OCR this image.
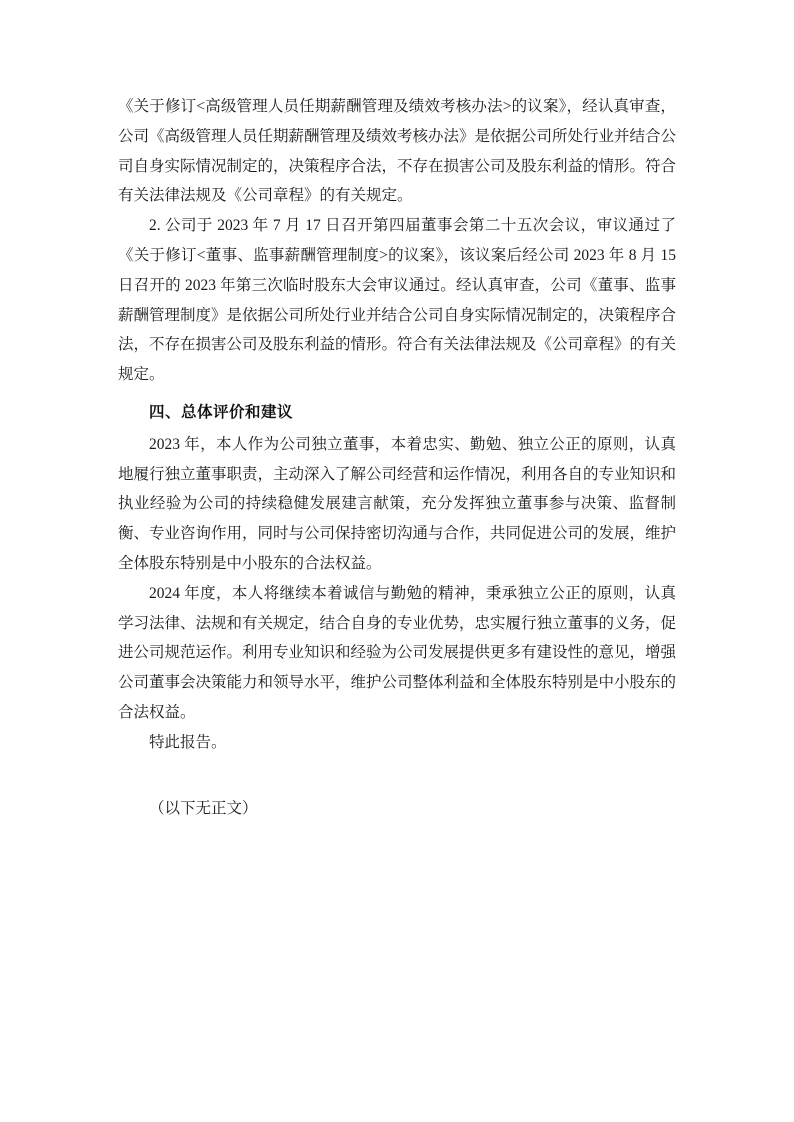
《关于修订<高级管理人员任期薪酬管理及绩效考核办法>的议案》，经认真审查，公司《高级管理人员任期薪酬管理及绩效考核办法》是依据公司所处行业并结合公司自身实际情况制定的，决策程序合法，不存在损害公司及股东利益的情形。符合有关法律法规及《公司章程》的有关规定。

2. 公司于 2023 年 7 月 17 日召开第四届董事会第二十五次会议，审议通过了《关于修订<董事、监事薪酬管理制度>的议案》，该议案后经公司 2023 年 8 月 15 日召开的 2023 年第三次临时股东大会审议通过。经认真审查，公司《董事、监事薪酬管理制度》是依据公司所处行业并结合公司自身实际情况制定的，决策程序合法，不存在损害公司及股东利益的情形。符合有关法律法规及《公司章程》的有关规定。

四、总体评价和建议

2023 年，本人作为公司独立董事，本着忠实、勤勉、独立公正的原则，认真地履行独立董事职责，主动深入了解公司经营和运作情况，利用各自的专业知识和执业经验为公司的持续稳健发展建言献策，充分发挥独立董事参与决策、监督制衡、专业咨询作用，同时与公司保持密切沟通与合作，共同促进公司的发展，维护全体股东特别是中小股东的合法权益。

2024 年度，本人将继续本着诚信与勤勉的精神，秉承独立公正的原则，认真学习法律、法规和有关规定，结合自身的专业优势，忠实履行独立董事的义务，促进公司规范运作。利用专业知识和经验为公司发展提供更多有建设性的意见，增强公司董事会决策能力和领导水平，维护公司整体利益和全体股东特别是中小股东的合法权益。

特此报告。

（以下无正文）
